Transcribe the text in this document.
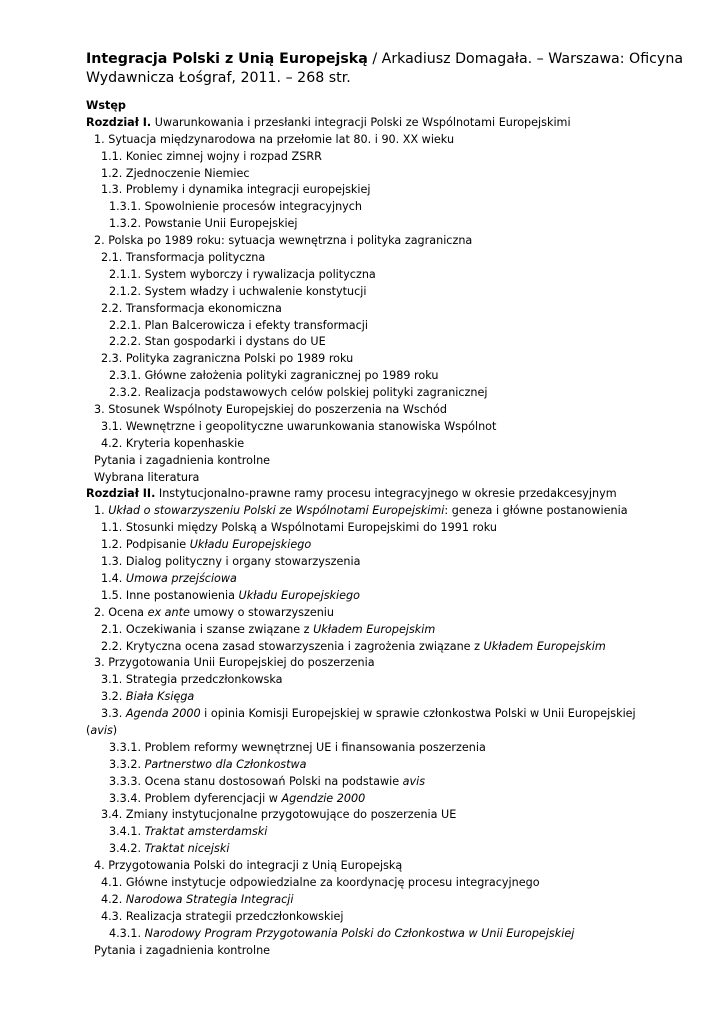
Integracja Polski z Unią Europejską / Arkadiusz Domagała. – Warszawa: Oficyna Wydawnicza Łośgraf, 2011. – 268 str.
Wstęp
Rozdział I. Uwarunkowania i przesłanki integracji Polski ze Wspólnotami Europejskimi
1. Sytuacja międzynarodowa na przełomie lat 80. i 90. XX wieku
1.1. Koniec zimnej wojny i rozpad ZSRR
1.2. Zjednoczenie Niemiec
1.3. Problemy i dynamika integracji europejskiej
1.3.1. Spowolnienie procesów integracyjnych
1.3.2. Powstanie Unii Europejskiej
2. Polska po 1989 roku: sytuacja wewnętrzna i polityka zagraniczna
2.1. Transformacja polityczna
2.1.1. System wyborczy i rywalizacja polityczna
2.1.2. System władzy i uchwalenie konstytucji
2.2. Transformacja ekonomiczna
2.2.1. Plan Balcerowicza i efekty transformacji
2.2.2. Stan gospodarki i dystans do UE
2.3. Polityka zagraniczna Polski po 1989 roku
2.3.1. Główne założenia polityki zagranicznej po 1989 roku
2.3.2. Realizacja podstawowych celów polskiej polityki zagranicznej
3. Stosunek Wspólnoty Europejskiej do poszerzenia na Wschód
3.1. Wewnętrzne i geopolityczne uwarunkowania stanowiska Wspólnot
4.2. Kryteria kopenhaskie
Pytania i zagadnienia kontrolne
Wybrana literatura
Rozdział II. Instytucjonalno-prawne ramy procesu integracyjnego w okresie przedakcesyjnym
1. Układ o stowarzyszeniu Polski ze Wspólnotami Europejskimi: geneza i główne postanowienia
1.1. Stosunki między Polską a Wspólnotami Europejskimi do 1991 roku
1.2. Podpisanie Układu Europejskiego
1.3. Dialog polityczny i organy stowarzyszenia
1.4. Umowa przejściowa
1.5. Inne postanowienia Układu Europejskiego
2. Ocena ex ante umowy o stowarzyszeniu
2.1. Oczekiwania i szanse związane z Układem Europejskim
2.2. Krytyczna ocena zasad stowarzyszenia i zagrożenia związane z Układem Europejskim
3. Przygotowania Unii Europejskiej do poszerzenia
3.1. Strategia przedczłonkowska
3.2. Biała Księga
3.3. Agenda 2000 i opinia Komisji Europejskiej w sprawie członkostwa Polski w Unii Europejskiej
(avis)
3.3.1. Problem reformy wewnętrznej UE i finansowania poszerzenia
3.3.2. Partnerstwo dla Członkostwa
3.3.3. Ocena stanu dostosowań Polski na podstawie avis
3.3.4. Problem dyferencjacji w Agendzie 2000
3.4. Zmiany instytucjonalne przygotowujące do poszerzenia UE
3.4.1. Traktat amsterdamski
3.4.2. Traktat nicejski
4. Przygotowania Polski do integracji z Unią Europejską
4.1. Główne instytucje odpowiedzialne za koordynację procesu integracyjnego
4.2. Narodowa Strategia Integracji
4.3. Realizacja strategii przedczłonkowskiej
4.3.1. Narodowy Program Przygotowania Polski do Członkostwa w Unii Europejskiej
Pytania i zagadnienia kontrolne
